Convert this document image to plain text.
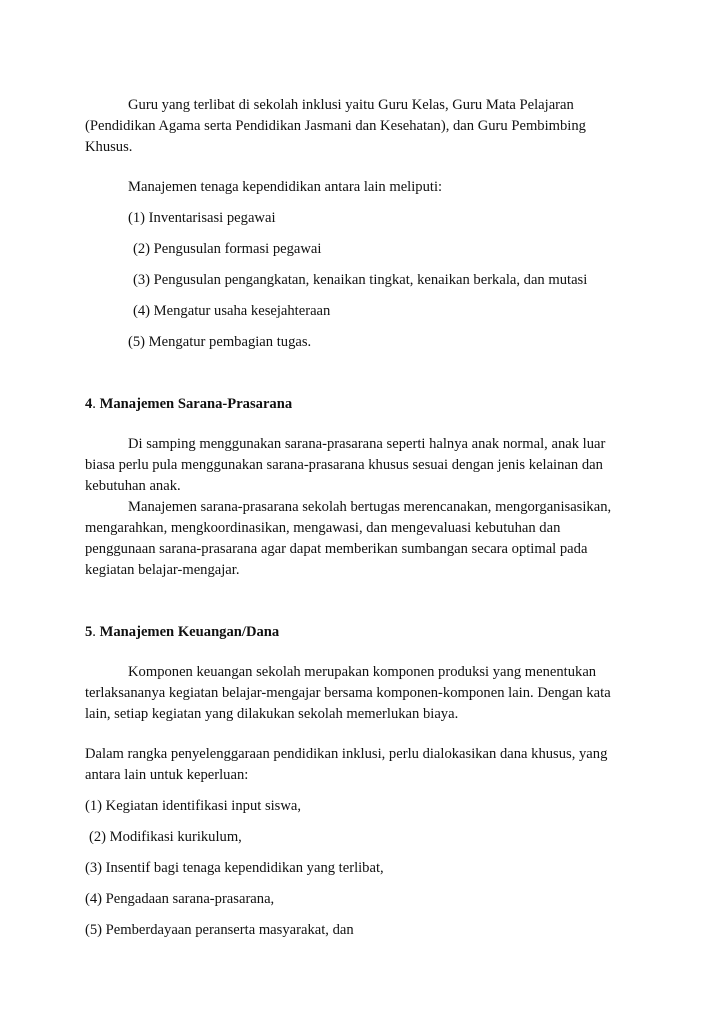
Guru yang terlibat di sekolah inklusi yaitu Guru Kelas, Guru Mata Pelajaran (Pendidikan Agama serta Pendidikan Jasmani dan Kesehatan), dan Guru Pembimbing Khusus.

Manajemen tenaga kependidikan antara lain meliputi:

(1) Inventarisasi pegawai

(2) Pengusulan formasi pegawai

(3) Pengusulan pengangkatan, kenaikan tingkat, kenaikan berkala, dan mutasi

(4) Mengatur usaha kesejahteraan

(5) Mengatur pembagian tugas.

4. Manajemen Sarana-Prasarana

Di samping menggunakan sarana-prasarana seperti halnya anak normal, anak luar biasa perlu pula menggunakan sarana-prasarana khusus sesuai dengan jenis kelainan dan kebutuhan anak.

Manajemen sarana-prasarana sekolah bertugas merencanakan, mengorganisasikan, mengarahkan, mengkoordinasikan, mengawasi, dan mengevaluasi kebutuhan dan penggunaan sarana-prasarana agar dapat memberikan sumbangan secara optimal pada kegiatan belajar-mengajar.

5. Manajemen Keuangan/Dana

Komponen keuangan sekolah merupakan komponen produksi yang menentukan terlaksananya kegiatan belajar-mengajar bersama komponen-komponen lain. Dengan kata lain, setiap kegiatan yang dilakukan sekolah memerlukan biaya.

Dalam rangka penyelenggaraan pendidikan inklusi, perlu dialokasikan dana khusus, yang antara lain untuk keperluan:

(1) Kegiatan identifikasi input siswa,

(2) Modifikasi kurikulum,

(3) Insentif bagi tenaga kependidikan yang terlibat,

(4) Pengadaan sarana-prasarana,

(5) Pemberdayaan peranserta masyarakat, dan
